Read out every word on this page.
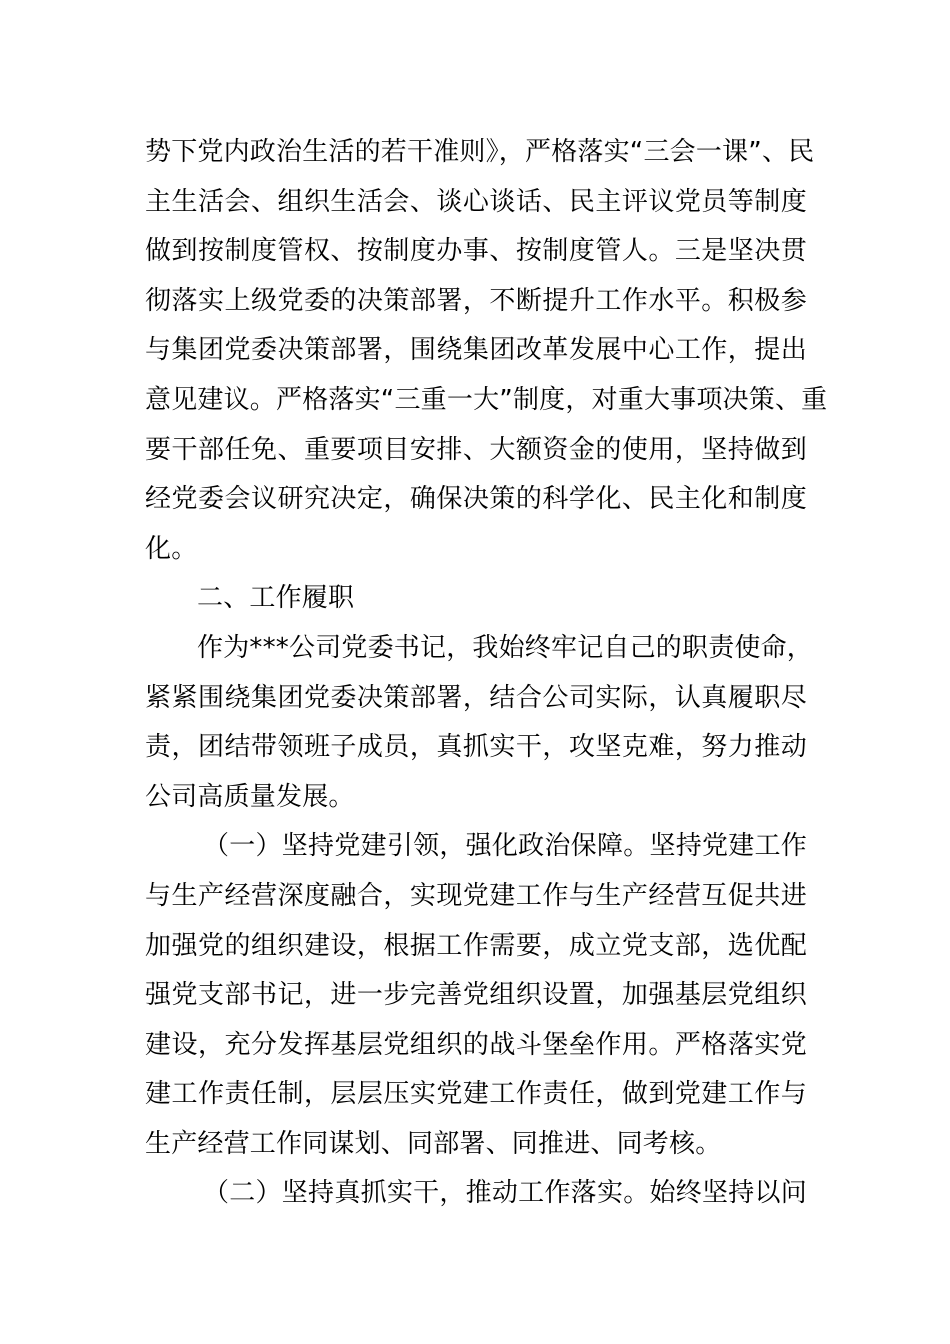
势下党内政治生活的若干准则》，严格落实“三会一课”、民
主生活会、组织生活会、谈心谈话、民主评议党员等制度
做到按制度管权、按制度办事、按制度管人。三是坚决贯
彻落实上级党委的决策部署，不断提升工作水平。积极参
与集团党委决策部署，围绕集团改革发展中心工作，提出
意见建议。严格落实“三重一大”制度，对重大事项决策、重
要干部任免、重要项目安排、大额资金的使用，坚持做到
经党委会议研究决定，确保决策的科学化、民主化和制度
化。
二、工作履职
作为***公司党委书记，我始终牢记自己的职责使命，
紧紧围绕集团党委决策部署，结合公司实际，认真履职尽
责，团结带领班子成员，真抓实干，攻坚克难，努力推动
公司高质量发展。
（一）坚持党建引领，强化政治保障。坚持党建工作
与生产经营深度融合，实现党建工作与生产经营互促共进
加强党的组织建设，根据工作需要，成立党支部，选优配
强党支部书记，进一步完善党组织设置，加强基层党组织
建设，充分发挥基层党组织的战斗堡垒作用。严格落实党
建工作责任制，层层压实党建工作责任，做到党建工作与
生产经营工作同谋划、同部署、同推进、同考核。
（二）坚持真抓实干，推动工作落实。始终坚持以问
